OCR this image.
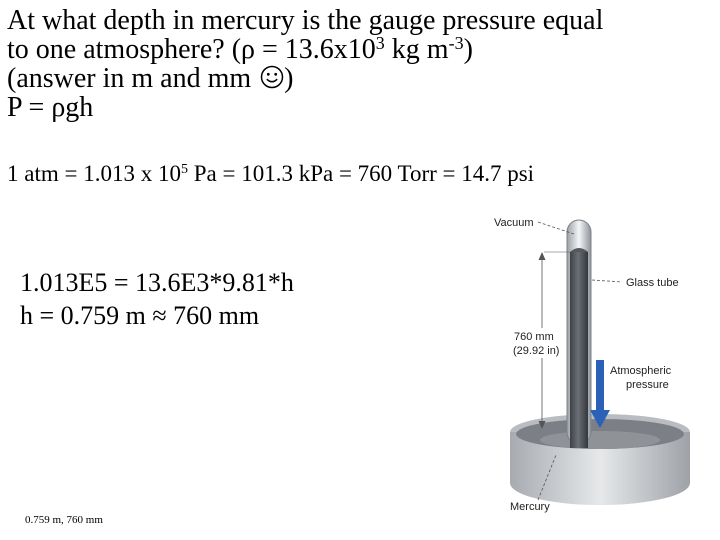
At what depth in mercury is the gauge pressure equal
to one atmosphere? ($\rho = 13.6x10^3$ kg $m^{-3}$)
(answer in m and mm )
P = ρgh
1 atm = 1.013 x $10^5$ Pa = 101.3 kPa = 760 Torr = 14.7 psi
1.013E5 = 13.6E3*9.81*h
h = 0.759 m ≈ 760 mm
0.759 m, 760 mm
Vacuum
Glass tube
760 mm
(29.92 in)
Atmospheric
pressure
Mercury
